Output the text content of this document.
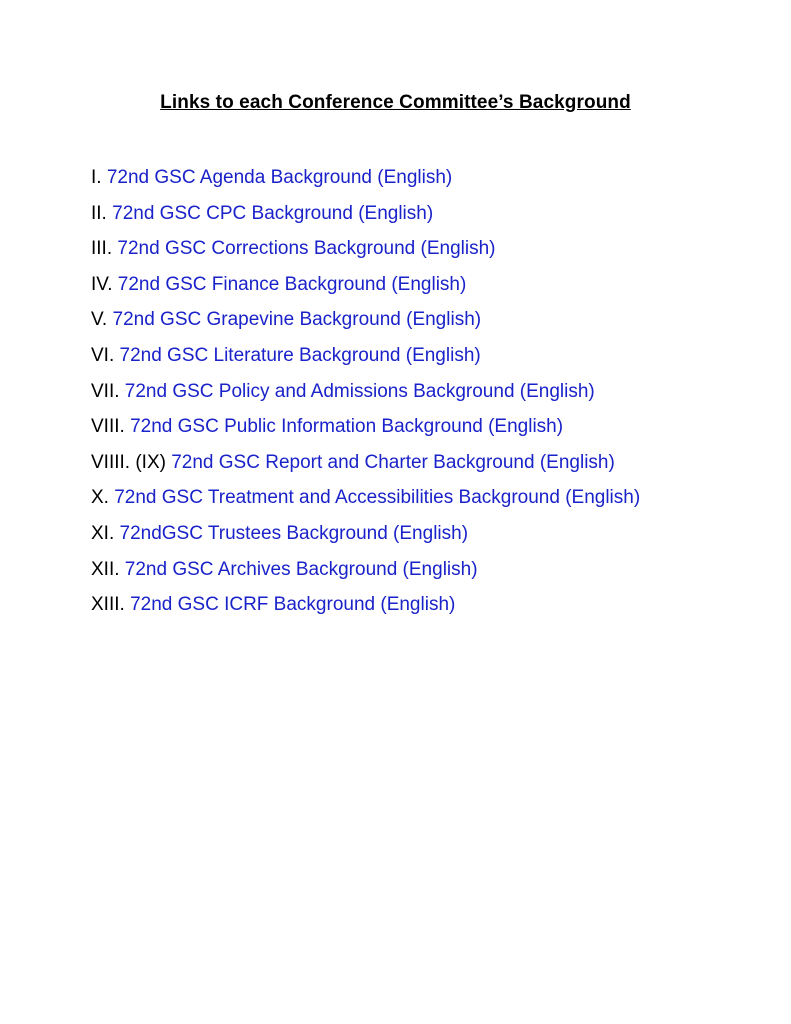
Links to each Conference Committee’s Background
I. 72nd GSC Agenda Background (English)
II. 72nd GSC CPC Background (English)
III. 72nd GSC Corrections Background (English)
IV. 72nd GSC Finance Background (English)
V. 72nd GSC Grapevine Background (English)
VI. 72nd GSC Literature Background (English)
VII. 72nd GSC Policy and Admissions Background (English)
VIII. 72nd GSC Public Information Background (English)
VIIII. (IX) 72nd GSC Report and Charter Background (English)
X. 72nd GSC Treatment and Accessibilities Background (English)
XI. 72ndGSC Trustees Background (English)
XII. 72nd GSC Archives Background (English)
XIII. 72nd GSC ICRF Background (English)
